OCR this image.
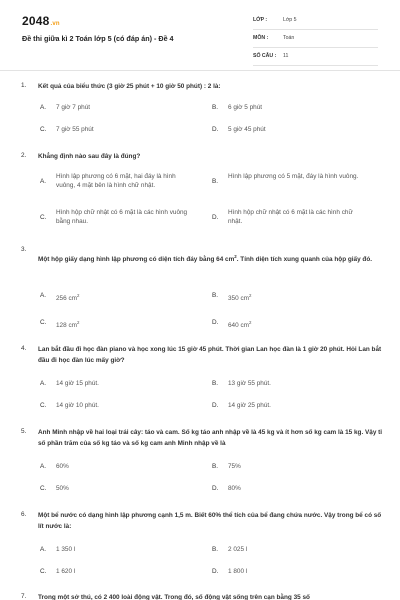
2048.vn
Đề thi giữa kì 2 Toán lớp 5 (có đáp án) - Đề 4
LỚP :	Lớp 5
MÔN :	Toán
SỐ CÂU : 11
1. Kết quả của biểu thức (3 giờ 25 phút + 10 giờ 50 phút) : 2 là:
A. 7 giờ 7 phút	B. 6 giờ 5 phút
C. 7 giờ 55 phút	D. 5 giờ 45 phút
2. Khẳng định nào sau đây là đúng?
A.
Hình lập phương có 6 mặt, hai đáy là hình vuông, 4 mặt bên là hình chữ nhật.
B.
Hình lập phương có 5 mặt, đáy là hình vuông.
C.
Hình hộp chữ nhật có 6 mặt là các hình vuông bằng nhau.
D.
Hình hộp chữ nhật có 6 mặt là các hình chữ nhật.
3.
Một hộp giấy dạng hình lập phương có diện tích đáy bằng 64 $cm^2$. Tính diện tích xung quanh của hộp giấy đó.
A. 256 $cm^2$	B. 350 $cm^2$
C. 128 $cm^2$	D. 640 $cm^2$
4. Lan bắt đầu đi học đàn piano và học xong lúc 15 giờ 45 phút. Thời gian Lan học đàn là 1 giờ 20 phút. Hỏi Lan bắt đầu đi học đàn lúc mấy giờ?
A. 14 giờ 15 phút.	B. 13 giờ 55 phút.
C. 14 giờ 10 phút.	D. 14 giờ 25 phút.
5. Anh Minh nhập về hai loại trái cây: táo và cam. Số kg táo anh nhập về là 45 kg và ít hơn số kg cam là 15 kg. Vậy tỉ số phần trăm của số kg táo và số kg cam anh Minh nhập về là
A. 60%	B. 75%
C. 50%	D. 80%
6. Một bể nước có dạng hình lập phương cạnh 1,5 m. Biết 60% thể tích của bể đang chứa nước. Vậy trong bể có số lít nước là:
A. 1 350 l	B. 2 025 l
C. 1 620 l	D. 1 800 l
7. Trong một sở thú, có 2 400 loài động vật. Trong đó, số động vật sống trên cạn bằng 35 số
